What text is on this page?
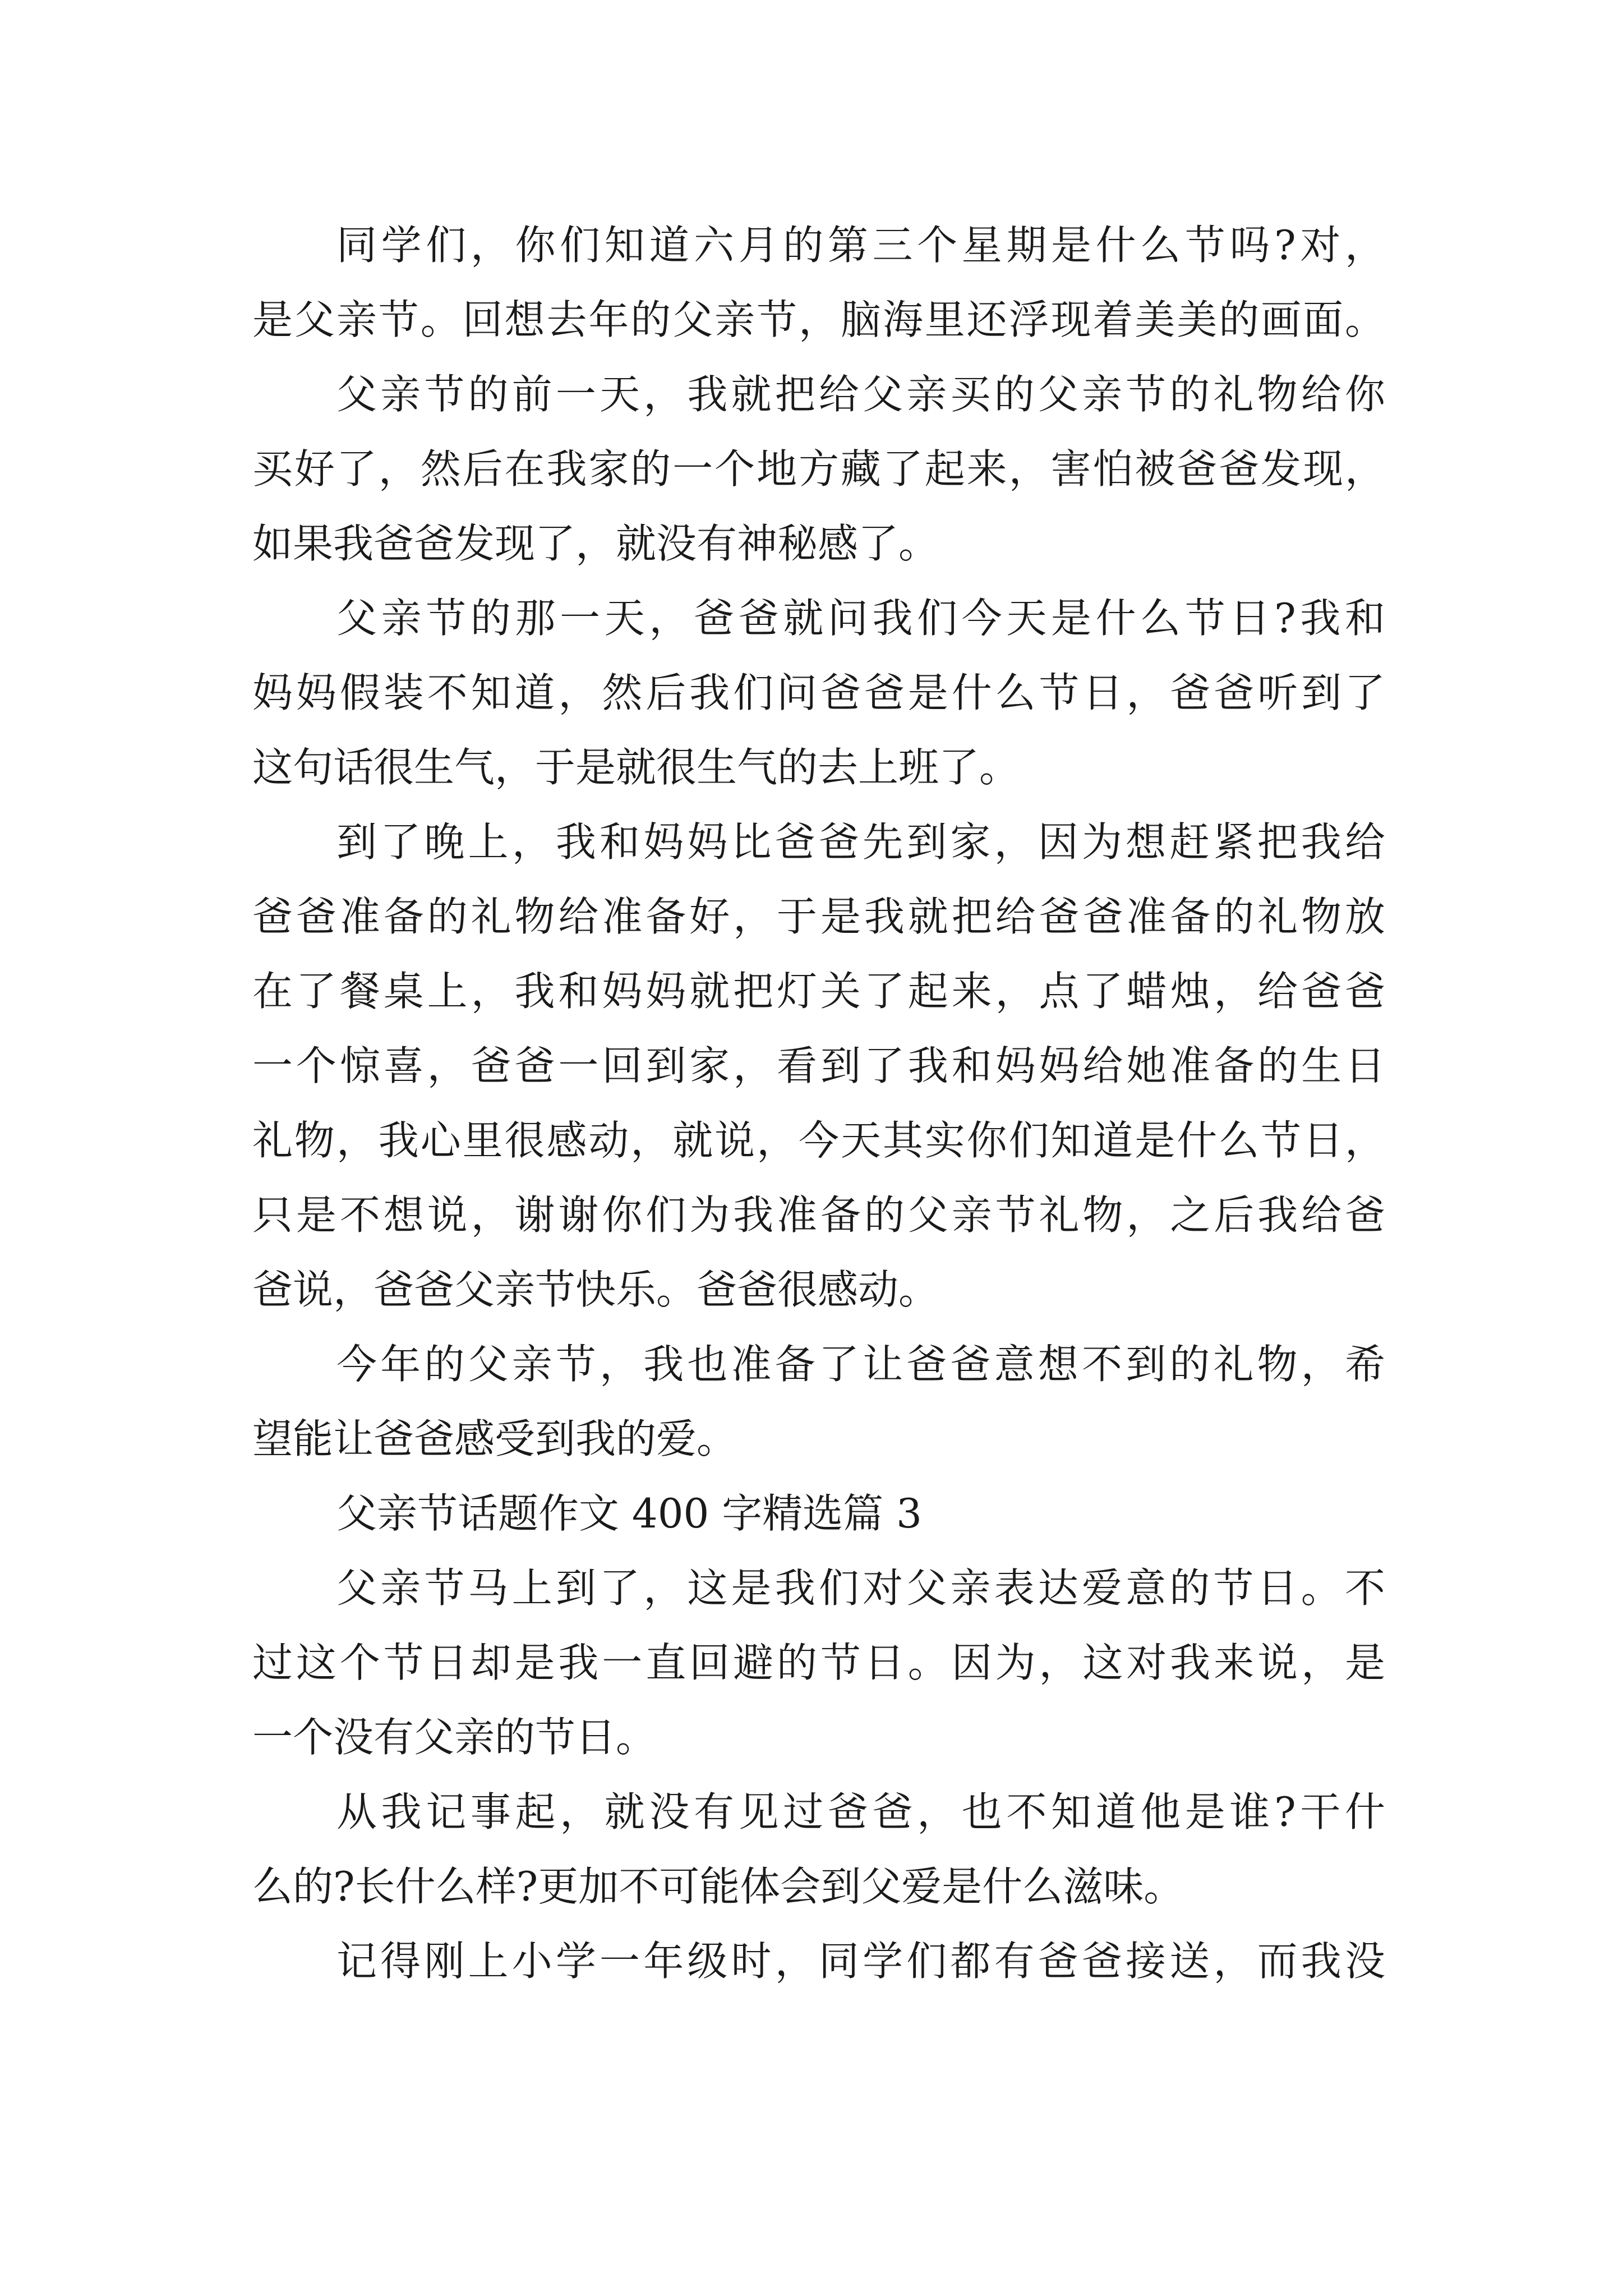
同学们，你们知道六月的第三个星期是什么节吗?对，
是父亲节。回想去年的父亲节，脑海里还浮现着美美的画面。
父亲节的前一天，我就把给父亲买的父亲节的礼物给你
买好了，然后在我家的一个地方藏了起来，害怕被爸爸发现，
如果我爸爸发现了，就没有神秘感了。
父亲节的那一天，爸爸就问我们今天是什么节日?我和
妈妈假装不知道，然后我们问爸爸是什么节日，爸爸听到了
这句话很生气，于是就很生气的去上班了。
到了晚上，我和妈妈比爸爸先到家，因为想赶紧把我给
爸爸准备的礼物给准备好，于是我就把给爸爸准备的礼物放
在了餐桌上，我和妈妈就把灯关了起来，点了蜡烛，给爸爸
一个惊喜，爸爸一回到家，看到了我和妈妈给她准备的生日
礼物，我心里很感动，就说，今天其实你们知道是什么节日，
只是不想说，谢谢你们为我准备的父亲节礼物，之后我给爸
爸说，爸爸父亲节快乐。爸爸很感动。
今年的父亲节，我也准备了让爸爸意想不到的礼物，希
望能让爸爸感受到我的爱。
父亲节话题作文 400 字精选篇 3
父亲节马上到了，这是我们对父亲表达爱意的节日。不
过这个节日却是我一直回避的节日。因为，这对我来说，是
一个没有父亲的节日。
从我记事起，就没有见过爸爸，也不知道他是谁?干什
么的?长什么样?更加不可能体会到父爱是什么滋味。
记得刚上小学一年级时，同学们都有爸爸接送，而我没
